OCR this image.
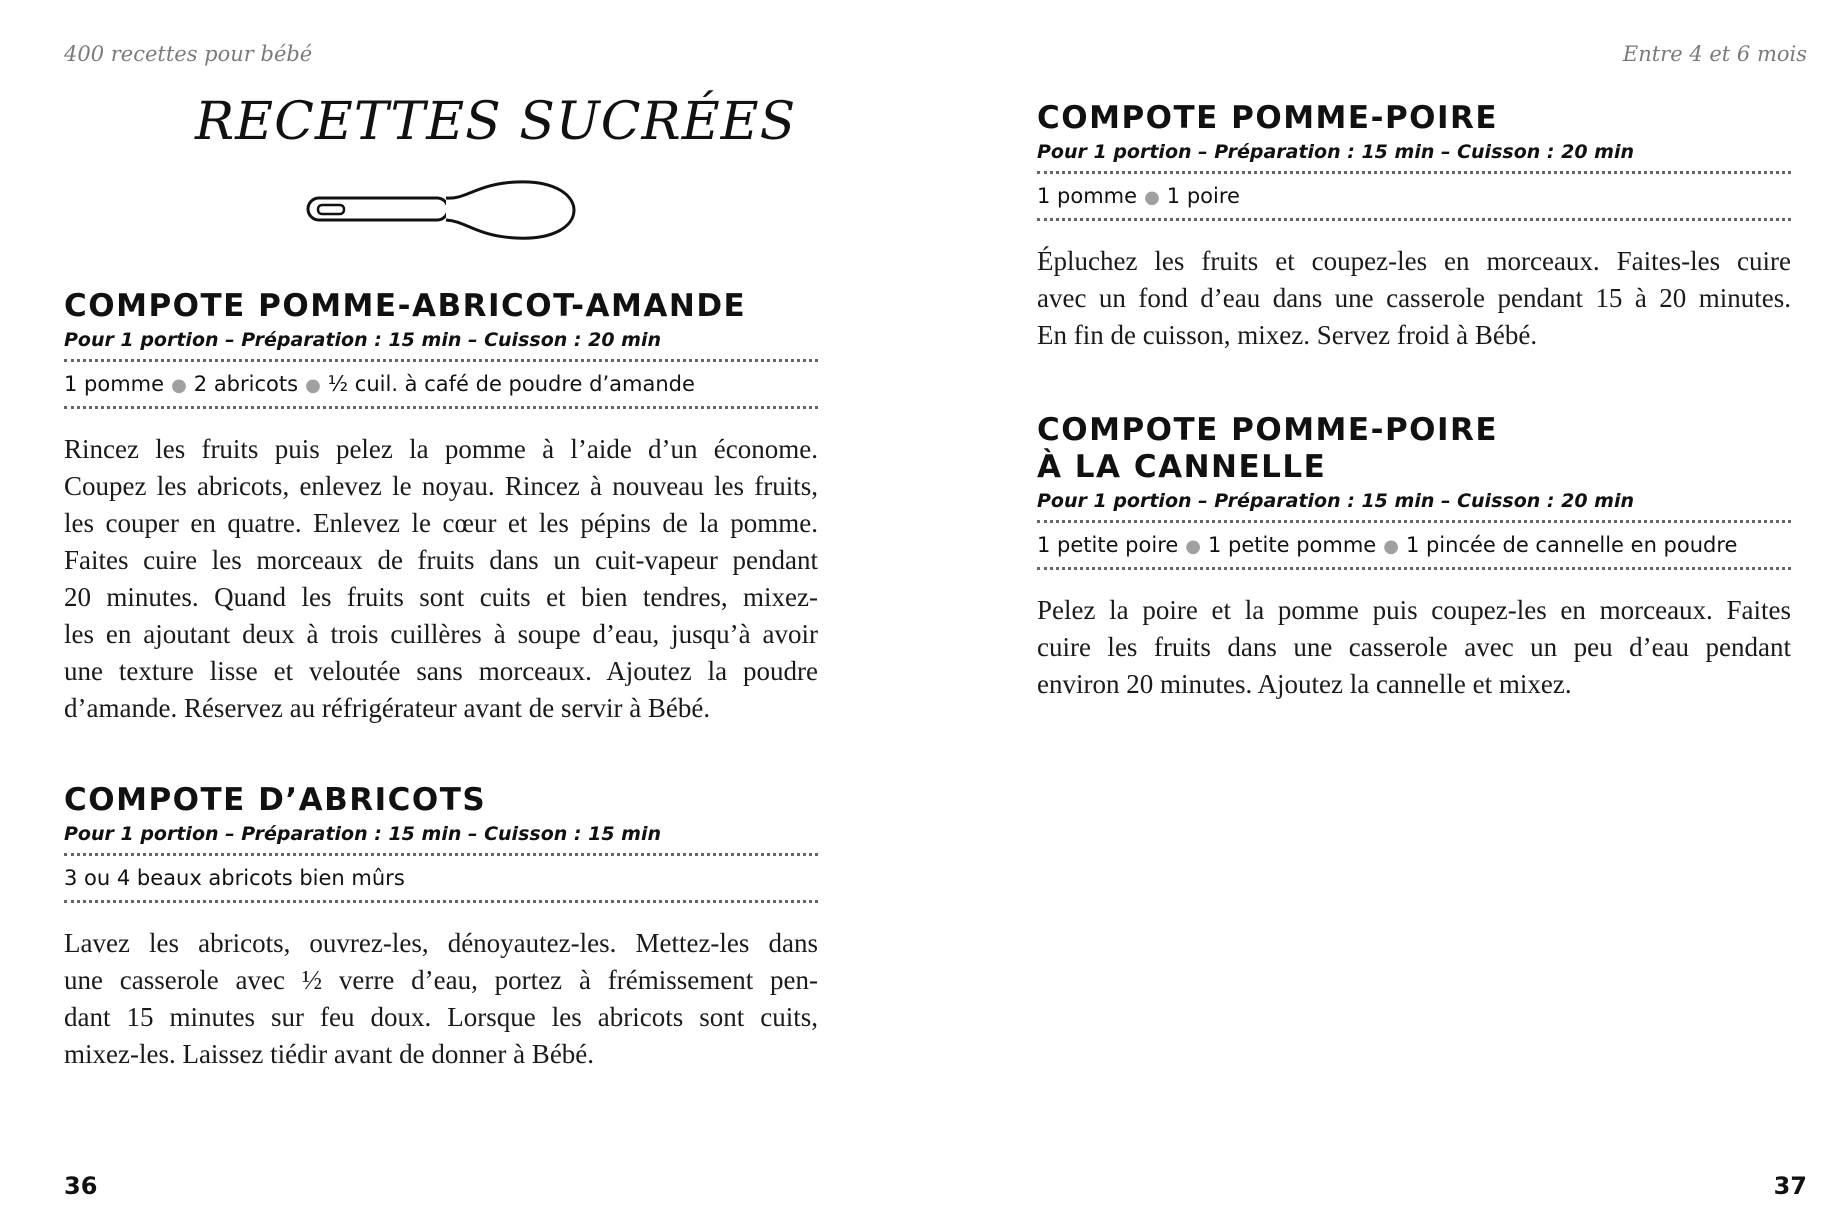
400 recettes pour bébé
RECETTES SUCRÉES
COMPOTE POMME-ABRICOT-AMANDE

Pour 1 portion – Préparation : 15 min – Cuisson : 20 min

1 pomme ● 2 abricots ● ½ cuil. à café de poudre d’amande
Rincez les fruits puis pelez la pomme à l’aide d’un économe.
Coupez les abricots, enlevez le noyau. Rincez à nouveau les fruits,
les couper en quatre. Enlevez le cœur et les pépins de la pomme.
Faites cuire les morceaux de fruits dans un cuit-vapeur pendant
20 minutes. Quand les fruits sont cuits et bien tendres, mixez-
les en ajoutant deux à trois cuillères à soupe d’eau, jusqu’à avoir
une texture lisse et veloutée sans morceaux. Ajoutez la poudre
d’amande. Réservez au réfrigérateur avant de servir à Bébé.
COMPOTE D’ABRICOTS

Pour 1 portion – Préparation : 15 min – Cuisson : 15 min

3 ou 4 beaux abricots bien mûrs
Lavez les abricots, ouvrez-les, dénoyautez-les. Mettez-les dans
une casserole avec ½ verre d’eau, portez à frémissement pen-
dant 15 minutes sur feu doux. Lorsque les abricots sont cuits,
mixez-les. Laissez tiédir avant de donner à Bébé.
36
Entre 4 et 6 mois
COMPOTE POMME-POIRE

Pour 1 portion – Préparation : 15 min – Cuisson : 20 min

1 pomme ● 1 poire
Épluchez les fruits et coupez-les en morceaux. Faites-les cuire
avec un fond d’eau dans une casserole pendant 15 à 20 minutes.
En fin de cuisson, mixez. Servez froid à Bébé.
COMPOTE POMME-POIRE
À LA CANNELLE

Pour 1 portion – Préparation : 15 min – Cuisson : 20 min

1 petite poire ● 1 petite pomme ● 1 pincée de cannelle en poudre
Pelez la poire et la pomme puis coupez-les en morceaux. Faites
cuire les fruits dans une casserole avec un peu d’eau pendant
environ 20 minutes. Ajoutez la cannelle et mixez.
37
